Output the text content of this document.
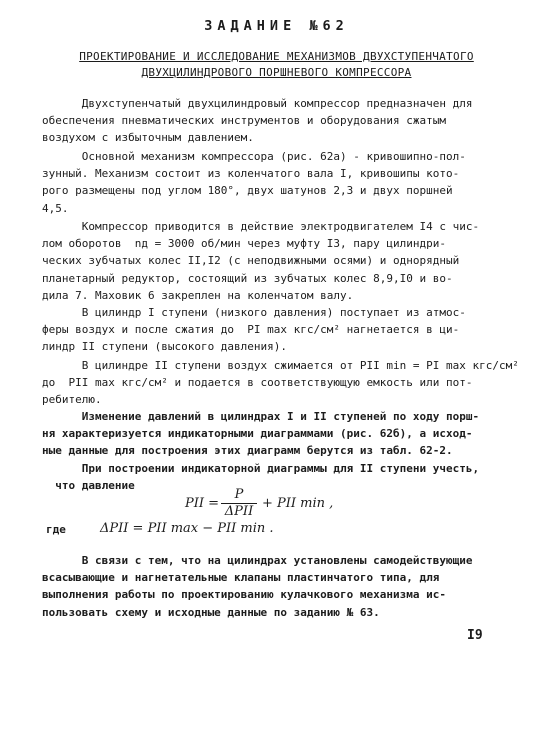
ЗАДАНИЕ №62
ПРОЕКТИРОВАНИЕ И ИССЛЕДОВАНИЕ МЕХАНИЗМОВ ДВУХСТУПЕНЧАТОГО
ДВУХЦИЛИНДРОВОГО ПОРШНЕВОГО КОМПРЕССОРА
Двухступенчатый двухцилиндровый компрессор предназначен для
обеспечения пневматических инструментов и оборудования сжатым
воздухом с избыточным давлением.
Основной механизм компрессора (рис. 62а) - кривошипно-пол-
зунный. Механизм состоит из коленчатого вала I, кривошипы кото-
рого размещены под углом 180°, двух шатунов 2,3 и двух поршней
4,5.
Компрессор приводится в действие электродвигателем I4 с чис-
лом оборотов  nд = 3000 об/мин через муфту I3, пару цилиндри-
ческих зубчатых колес II,I2 (с неподвижными осями) и однорядный
планетарный редуктор, состоящий из зубчатых колес 8,9,I0 и во-
дила 7. Маховик 6 закреплен на коленчатом валу.
В цилиндр I ступени (низкого давления) поступает из атмос-
феры воздух и после сжатия до  PI max кгс/см² нагнетается в ци-
линдр II ступени (высокого давления).
В цилиндре II ступени воздух сжимается от PII min = PI max кгс/см²
до  PII max кгс/см² и подается в соответствующую емкость или пот-
ребителю.
Изменение давлений в цилиндрах I и II ступеней по ходу порш-
ня характеризуется индикаторными диаграммами (рис. 62б), а исход-
ные данные для построения этих диаграмм берутся из табл. 62-2.
При построении индикаторной диаграммы для II ступени учесть,
что давление
PII =
P
ΔPII
+ PII min ,
где	ΔPII = PII max − PII min .
В связи с тем, что на цилиндрах установлены самодействующие
всасывающие и нагнетательные клапаны пластинчатого типа, для
выполнения работы по проектированию кулачкового механизма ис-
пользовать схему и исходные данные по заданию № 63.
I9
